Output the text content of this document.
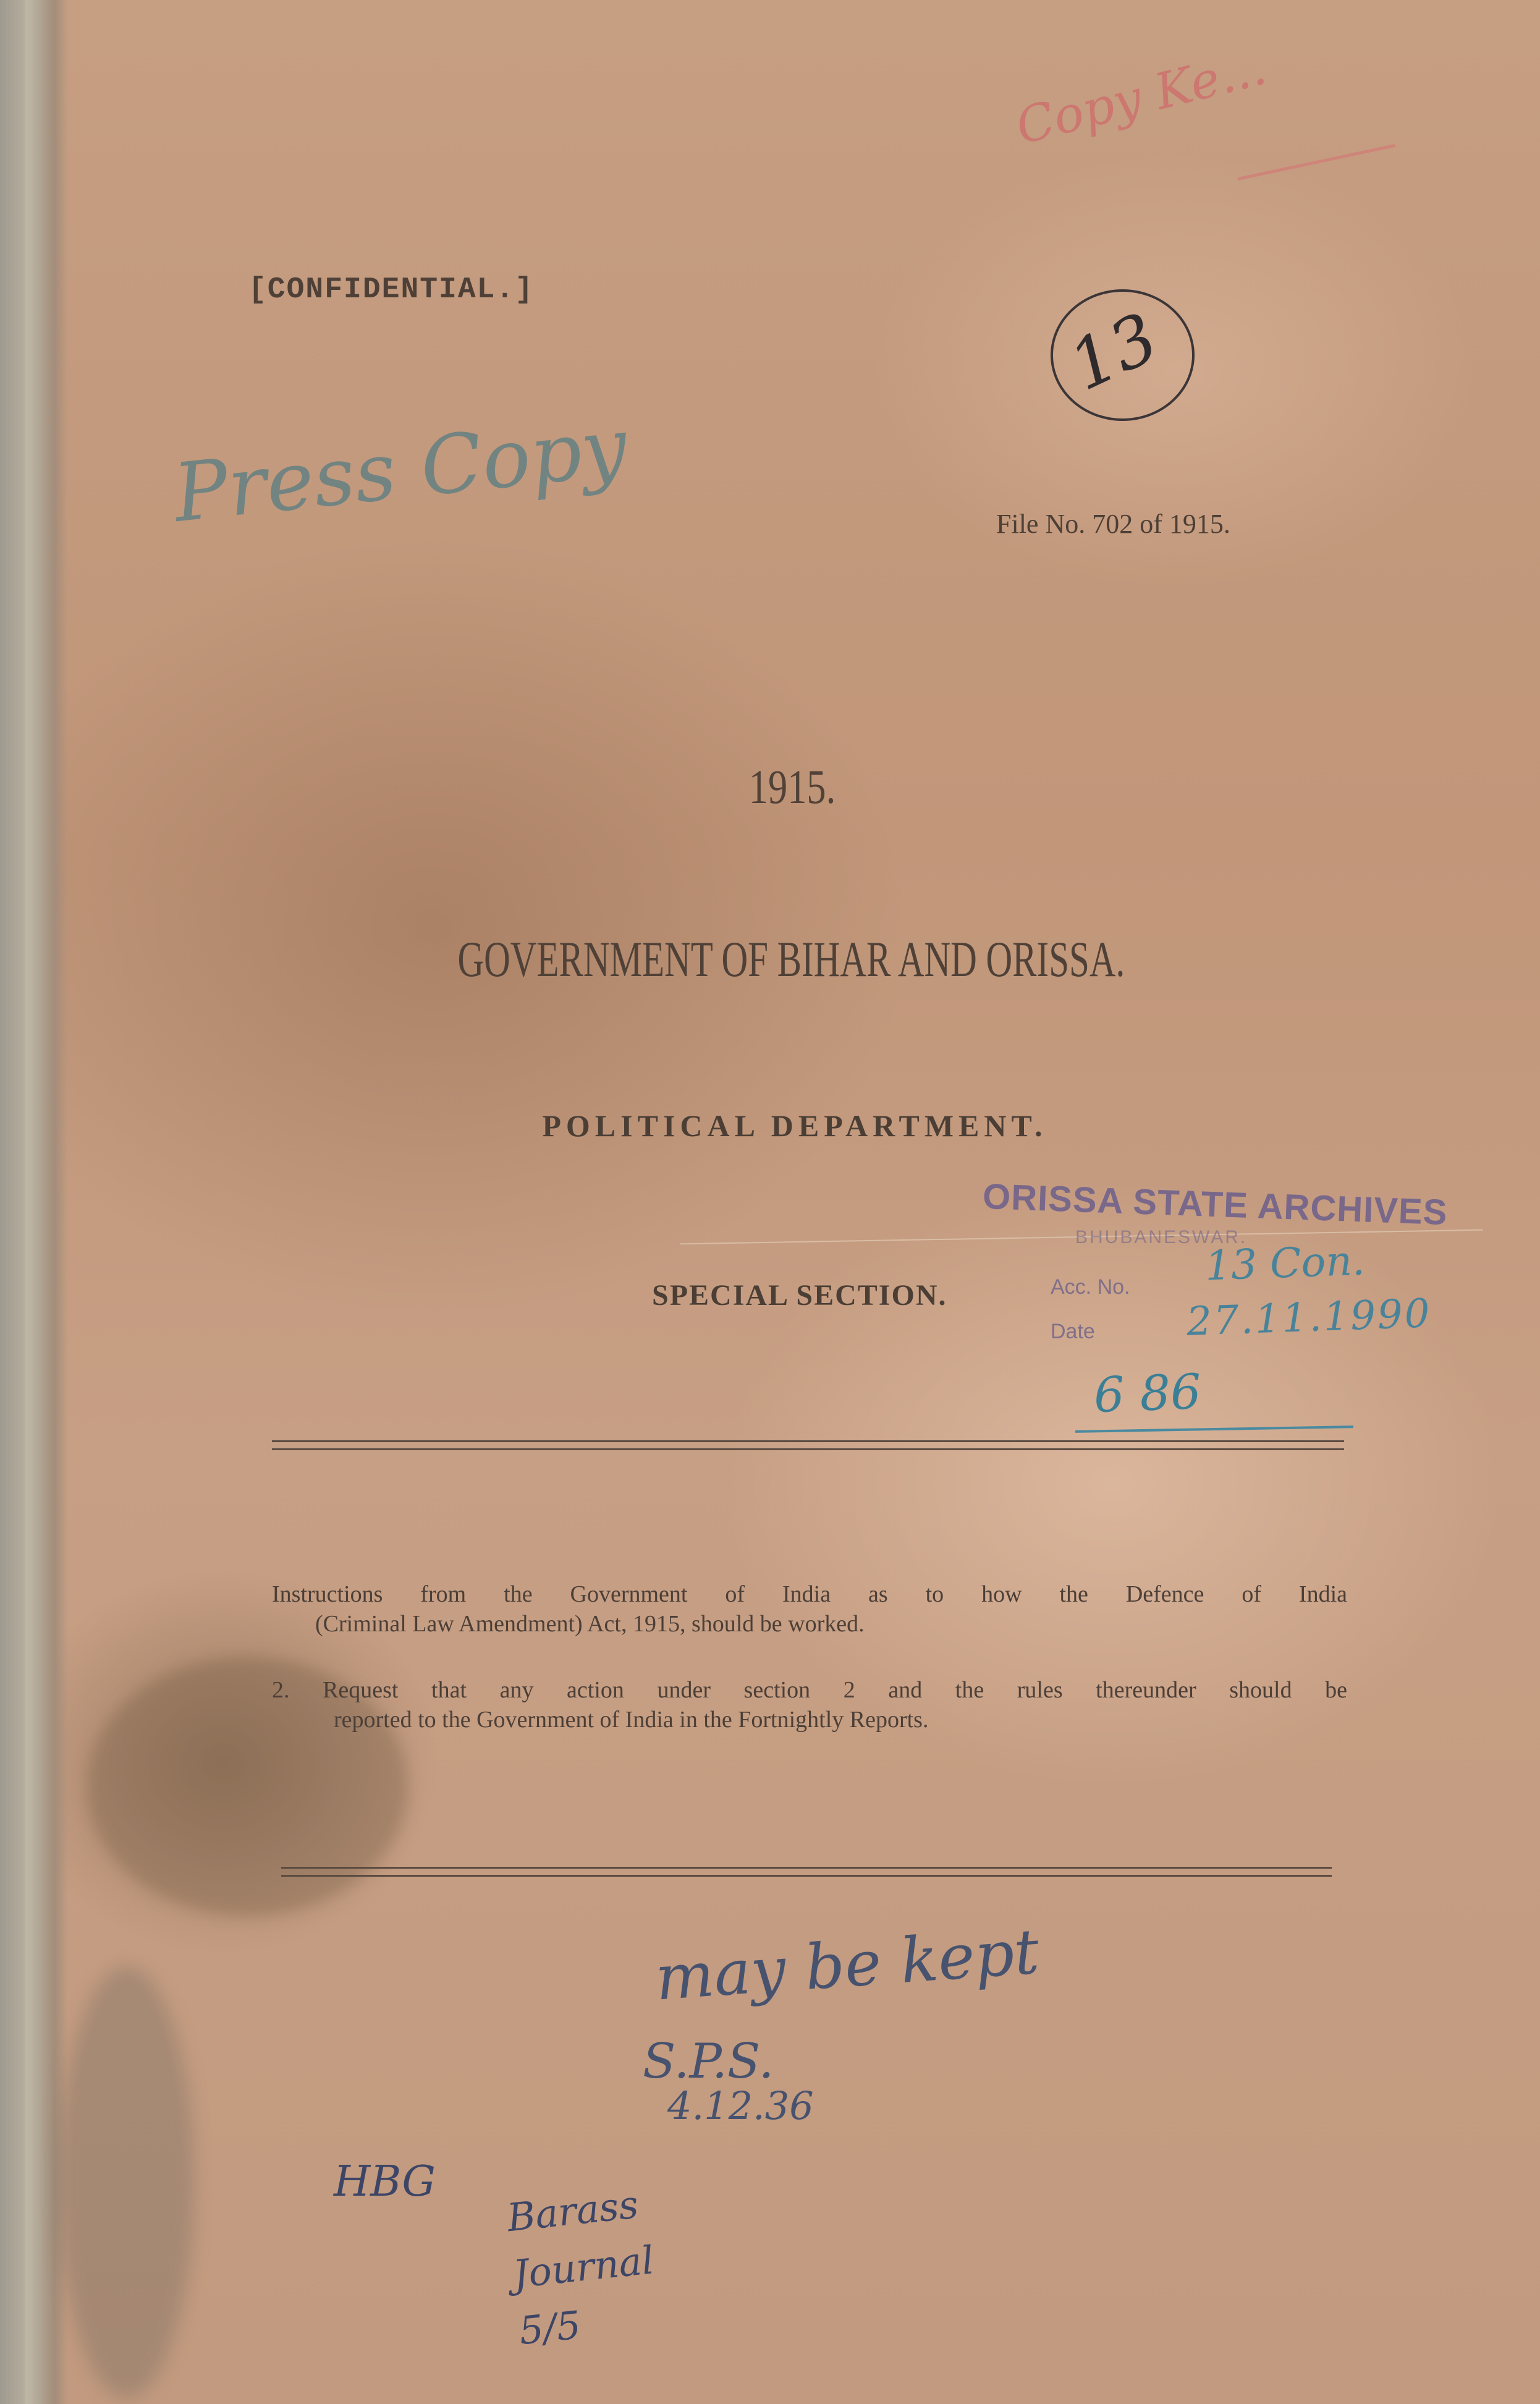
Copy Ke...
[CONFIDENTIAL.]
13
Press Copy	File No. 702 of 1915.
1915.
GOVERNMENT OF BIHAR AND ORISSA.
POLITICAL DEPARTMENT.
SPECIAL SECTION.
ORISSA STATE ARCHIVES
BHUBANESWAR.
Acc. No.
Date
13 Con.
27.11.1990
6 86
Instructions from the Government of India as to how the Defence of India
(Criminal Law Amendment) Act, 1915, should be worked.
2. Request that any action under section 2 and the rules thereunder should be
reported to the Government of India in the Fortnightly Reports.
may be kept
S.P.S.
4.12.36
HBG Barass
Journal
5/5
